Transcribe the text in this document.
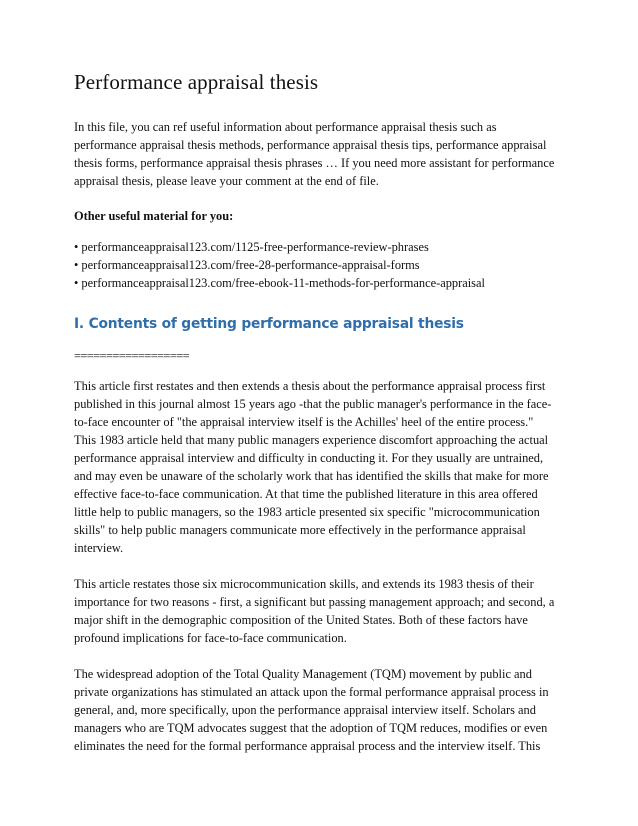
Performance appraisal thesis

In this file, you can ref useful information about performance appraisal thesis such as
performance appraisal thesis methods, performance appraisal thesis tips, performance appraisal
thesis forms, performance appraisal thesis phrases … If you need more assistant for performance
appraisal thesis, please leave your comment at the end of file.

Other useful material for you:

• performanceappraisal123.com/1125-free-performance-review-phrases
• performanceappraisal123.com/free-28-performance-appraisal-forms
• performanceappraisal123.com/free-ebook-11-methods-for-performance-appraisal

I. Contents of getting performance appraisal thesis

==================

This article first restates and then extends a thesis about the performance appraisal process first
published in this journal almost 15 years ago -that the public manager's performance in the face-
to-face encounter of "the appraisal interview itself is the Achilles' heel of the entire process."
This 1983 article held that many public managers experience discomfort approaching the actual
performance appraisal interview and difficulty in conducting it. For they usually are untrained,
and may even be unaware of the scholarly work that has identified the skills that make for more
effective face-to-face communication. At that time the published literature in this area offered
little help to public managers, so the 1983 article presented six specific "microcommunication
skills" to help public managers communicate more effectively in the performance appraisal
interview.

This article restates those six microcommunication skills, and extends its 1983 thesis of their
importance for two reasons - first, a significant but passing management approach; and second, a
major shift in the demographic composition of the United States. Both of these factors have
profound implications for face-to-face communication.

The widespread adoption of the Total Quality Management (TQM) movement by public and
private organizations has stimulated an attack upon the formal performance appraisal process in
general, and, more specifically, upon the performance appraisal interview itself. Scholars and
managers who are TQM advocates suggest that the adoption of TQM reduces, modifies or even
eliminates the need for the formal performance appraisal process and the interview itself. This
